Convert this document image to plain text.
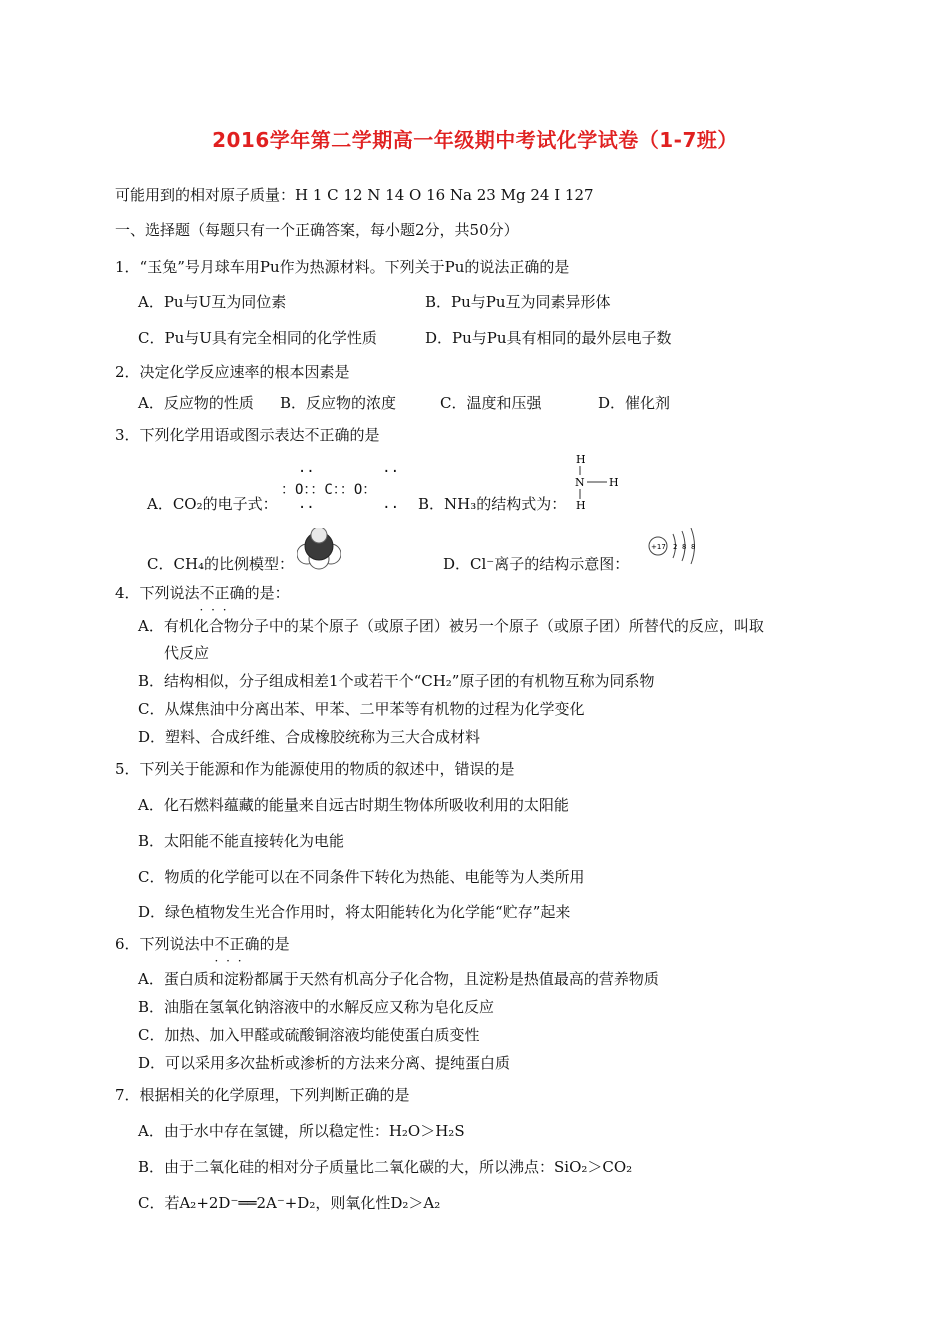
2016学年第二学期高一年级期中考试化学试卷（1-7班）
可能用到的相对原子质量：H 1 C 12 N 14 O 16 Na 23 Mg 24 I 127
一、选择题（每题只有一个正确答案，每小题2分，共50分）
1．“玉兔”号月球车用Pu作为热源材料。下列关于Pu的说法正确的是
A．Pu与U互为同位素	B．Pu与Pu互为同素异形体
C．Pu与U具有完全相同的化学性质	D．Pu与Pu具有相同的最外层电子数
2．决定化学反应速率的根本因素是
A．反应物的性质 B．反应物的浓度	C．温度和压强	D．催化剂
3．下列化学用语或图示表达不正确的是
A．CO₂的电子式：
··        ··
：O：：C：：O：
··        ·· B．NH₃的结构式为：
H
N H
H
C．CH₄的比例模型：	D．Cl⁻离子的结构示意图：
+17 2 8 8
4．下列说法不正确 · · ·的是：
A．有机化合物分子中的某个原子（或原子团）被另一个原子（或原子团）所替代的反应，叫取
代反应
B．结构相似，分子组成相差1个或若干个“CH₂”原子团的有机物互称为同系物
C．从煤焦油中分离出苯、甲苯、二甲苯等有机物的过程为化学变化
D．塑料、合成纤维、合成橡胶统称为三大合成材料
5．下列关于能源和作为能源使用的物质的叙述中，错误的是
A．化石燃料蕴藏的能量来自远古时期生物体所吸收利用的太阳能
B．太阳能不能直接转化为电能
C．物质的化学能可以在不同条件下转化为热能、电能等为人类所用
D．绿色植物发生光合作用时，将太阳能转化为化学能“贮存”起来
6．下列说法中不正确 · · ·的是
A．蛋白质和淀粉都属于天然有机高分子化合物，且淀粉是热值最高的营养物质
B．油脂在氢氧化钠溶液中的水解反应又称为皂化反应
C．加热、加入甲醛或硫酸铜溶液均能使蛋白质变性
D．可以采用多次盐析或渗析的方法来分离、提纯蛋白质
7．根据相关的化学原理，下列判断正确的是
A．由于水中存在氢键，所以稳定性：H₂O＞H₂S
B．由于二氧化硅的相对分子质量比二氧化碳的大，所以沸点：SiO₂＞CO₂
C．若A₂+2D⁻══2A⁻+D₂，则氧化性D₂＞A₂
